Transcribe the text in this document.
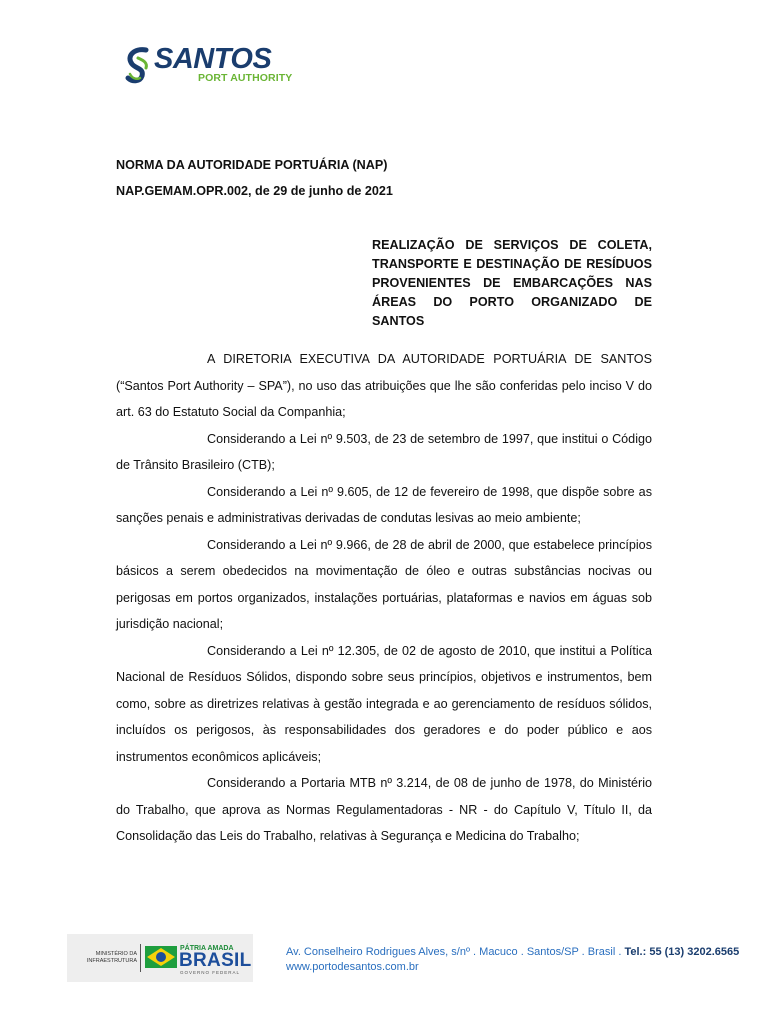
SANTOS
PORT AUTHORITY
NORMA DA AUTORIDADE PORTUÁRIA (NAP)
NAP.GEMAM.OPR.002, de 29 de junho de 2021
REALIZAÇÃO DE SERVIÇOS DE COLETA, TRANSPORTE E DESTINAÇÃO DE RESÍDUOS PROVENIENTES DE EMBARCAÇÕES NAS ÁREAS DO PORTO ORGANIZADO DE SANTOS

A DIRETORIA EXECUTIVA DA AUTORIDADE PORTUÁRIA DE SANTOS (“Santos Port Authority – SPA”), no uso das atribuições que lhe são conferidas pelo inciso V do art. 63 do Estatuto Social da Companhia;

Considerando a Lei nº 9.503, de 23 de setembro de 1997, que institui o Código de Trânsito Brasileiro (CTB);

Considerando a Lei nº 9.605, de 12 de fevereiro de 1998, que dispõe sobre as sanções penais e administrativas derivadas de condutas lesivas ao meio ambiente;

Considerando a Lei nº 9.966, de 28 de abril de 2000, que estabelece princípios básicos a serem obedecidos na movimentação de óleo e outras substâncias nocivas ou perigosas em portos organizados, instalações portuárias, plataformas e navios em águas sob jurisdição nacional;

Considerando a Lei nº 12.305, de 02 de agosto de 2010, que institui a Política Nacional de Resíduos Sólidos, dispondo sobre seus princípios, objetivos e instrumentos, bem como, sobre as diretrizes relativas à gestão integrada e ao gerenciamento de resíduos sólidos, incluídos os perigosos, às responsabilidades dos geradores e do poder público e aos instrumentos econômicos aplicáveis;

Considerando a Portaria MTB nº 3.214, de 08 de junho de 1978, do Ministério do Trabalho, que aprova as Normas Regulamentadoras - NR - do Capítulo V, Título II, da Consolidação das Leis do Trabalho, relativas à Segurança e Medicina do Trabalho;

MINISTÉRIO DA INFRAESTRUTURA
PÁTRIA AMADA
BRASIL
GOVERNO FEDERAL
Av. Conselheiro Rodrigues Alves, s/nº . Macuco . Santos/SP . Brasil . Tel.: 55 (13) 3202.6565
www.portodesantos.com.br
